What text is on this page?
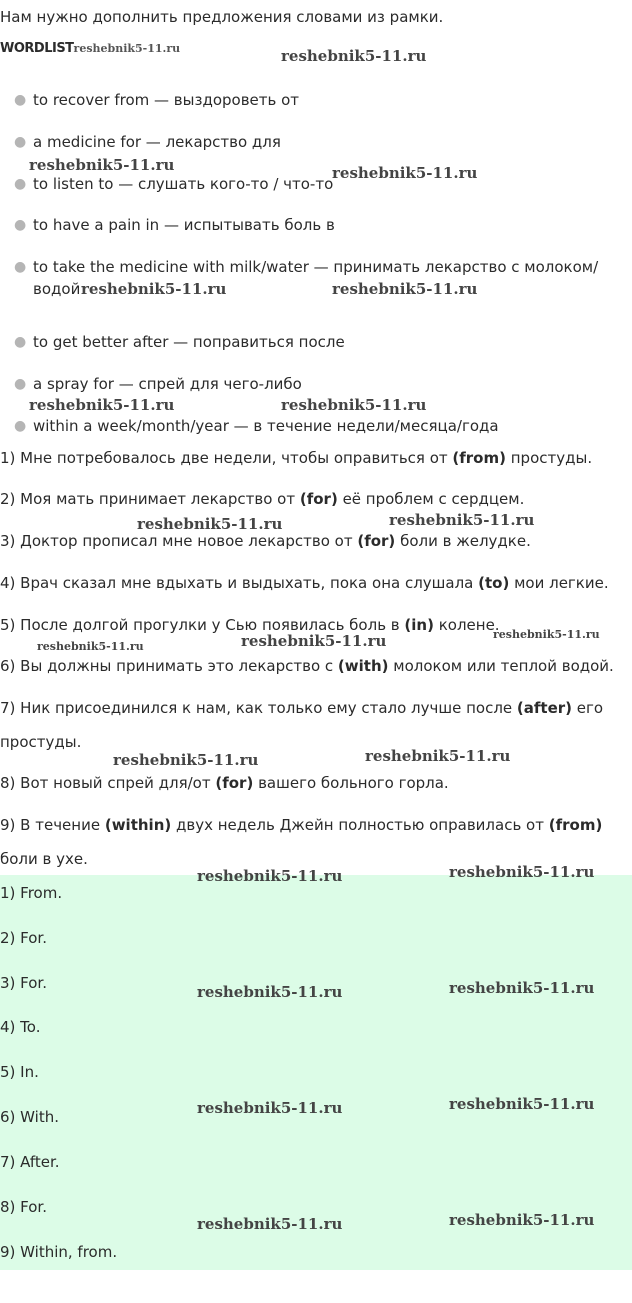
Нам нужно дополнить предложения словами из рамки.
WORDLISTreshebnik5-11.ru
● to recover from — выздороветь от
● a medicine for — лекарство для
● to listen to — слушать кого-то / что-то
● to have a pain in — испытывать боль в
● to take the medicine with milk/water — принимать лекарство с молоком/водой
● to get better after — поправиться после
● a spray for — спрей для чего-либо
● within a week/month/year — в течение недели/месяца/года
1) Мне потребовалось две недели, чтобы оправиться от (from) простуды.
2) Моя мать принимает лекарство от (for) её проблем с сердцем.
3) Доктор прописал мне новое лекарство от (for) боли в желудке.
4) Врач сказал мне вдыхать и выдыхать, пока она слушала (to) мои легкие.
5) После долгой прогулки у Сью появилась боль в (in) колене.
6) Вы должны принимать это лекарство с (with) молоком или теплой водой.
7) Ник присоединился к нам, как только ему стало лучше после (after) его простуды.
8) Вот новый спрей для/от (for) вашего больного горла.
9) В течение (within) двух недель Джейн полностью оправилась от (from) боли в ухе.
1) From.
2) For.
3) For.
4) To.
5) In.
6) With.
7) After.
8) For.
9) Within, from.
reshebnik5-11.ru
reshebnik5-11.ru	reshebnik5-11.ru
reshebnik5-11.ru	reshebnik5-11.ru
reshebnik5-11.ru	reshebnik5-11.ru
reshebnik5-11.ru	reshebnik5-11.ru
reshebnik5-11.ru	reshebnik5-11.ru	reshebnik5-11.ru
reshebnik5-11.ru	reshebnik5-11.ru
reshebnik5-11.ru	reshebnik5-11.ru
reshebnik5-11.ru	reshebnik5-11.ru
reshebnik5-11.ru	reshebnik5-11.ru
reshebnik5-11.ru	reshebnik5-11.ru
